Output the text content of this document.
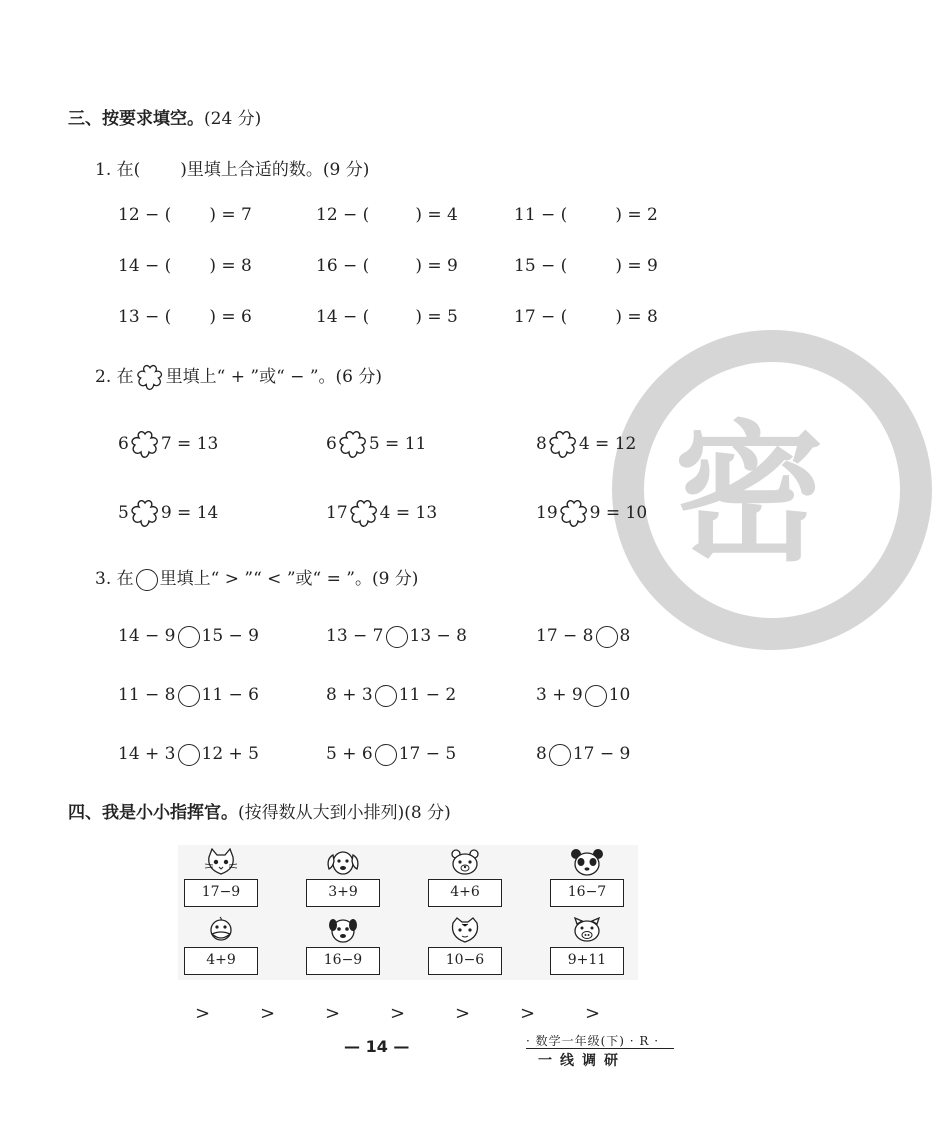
密
三、按要求填空。(24 分)
1. 在( )里填上合适的数。(9 分)
12 − ( ) = 7	12 − (	) = 4	11 − (	) = 2
14 − ( ) = 8	16 − (	) = 9	15 − (	) = 9
13 − ( ) = 6	14 − (	) = 5	17 − (	) = 8
2. 在 里填上“ + ”或“ − ”。(6 分)
6 7 = 13	6 5 = 11	8 4 = 12
5 9 = 14	17 4 = 13	19 9 = 10
3. 在 里填上“ > ”“ < ”或“ = ”。(9 分)
14 − 9 15 − 9	13 − 7 13 − 8	17 − 8 8
11 − 8 11 − 6	8 + 3 11 − 2	3 + 9 10
14 + 3 12 + 5	5 + 6 17 − 5	8 17 − 9
四、我是小小指挥官。(按得数从大到小排列)(8 分)
17−9	3+9	4+6	16−7
4+9	16−9	10−6	9+11
>	>	>	>	>	>	>
— 14 —	· 数学一年级(下) · R ·
一线调研
